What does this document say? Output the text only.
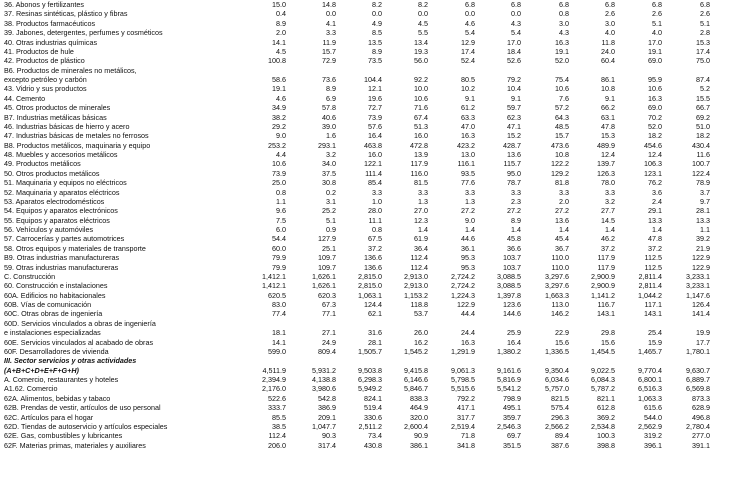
36. Abonos y fertilizantes	15.0	14.8	8.2	8.2	6.8	6.8	6.8	6.8	6.8	6.8
37. Resinas sintéticas, plástico y fibras	0.4	0.0	0.0	0.0	0.0	0.0	0.8	2.6	2.6	2.6
38. Productos farmacéuticos	8.9	4.1	4.9	4.5	4.6	4.3	3.0	3.0	5.1	5.1
39. Jabones, detergentes, perfumes y cosméticos	2.0	3.3	8.5	5.5	5.4	5.4	4.3	4.0	4.0	2.8
40. Otras industrias químicas	14.1	11.9	13.5	13.4	12.9	17.0	16.3	11.8	17.0	15.3
41. Productos de hule	4.5	15.7	8.9	19.3	17.4	18.4	19.1	24.0	19.1	17.4
42. Productos de plástico	100.8	72.9	73.5	56.0	52.4	52.6	52.0	60.4	69.0	75.0
B6. Productos de minerales no metálicos,
excepto petróleo y carbón	58.6	73.6	104.4	92.2	80.5	79.2	75.4	86.1	95.9	87.4
43. Vidrio y sus productos	19.1	8.9	12.1	10.0	10.2	10.4	10.6	10.8	10.6	5.2
44. Cemento	4.6	6.9	19.6	10.6	9.1	9.1	7.6	9.1	16.3	15.5
45. Otros productos de minerales	34.9	57.8	72.7	71.6	61.2	59.7	57.2	66.2	69.0	66.7
B7. Industrias metálicas básicas	38.2	40.6	73.9	67.4	63.3	62.3	64.3	63.1	70.2	69.2
46. Industrias básicas de hierro y acero	29.2	39.0	57.6	51.3	47.0	47.1	48.5	47.8	52.0	51.0
47. Industrias básicas de metales no ferrosos	9.0	1.6	16.4	16.0	16.3	15.2	15.7	15.3	18.2	18.2
B8. Productos metálicos, maquinaria y equipo	253.2	293.1	463.8	472.8	423.2	428.7	473.6	489.9	454.6	430.4
48. Muebles y accesorios metálicos	4.4	3.2	16.0	13.9	13.0	13.6	10.8	12.4	12.4	11.6
49. Productos metálicos	10.6	34.0	122.1	117.9	116.1	115.7	122.2	139.7	106.3	100.7
50. Otros productos metálicos	73.9	37.5	111.4	116.0	93.5	95.0	129.2	126.3	123.1	122.4
51. Maquinaria y equipos no eléctricos	25.0	30.8	85.4	81.5	77.6	78.7	81.8	78.0	76.2	78.9
52. Maquinaria y aparatos eléctricos	0.8	0.2	3.3	3.3	3.3	3.3	3.3	3.3	3.6	3.7
53. Aparatos electrodomésticos	1.1	3.1	1.0	1.3	1.3	2.3	2.0	3.2	2.4	9.7
54. Equipos y aparatos electrónicos	9.6	25.2	28.0	27.0	27.2	27.2	27.2	27.7	29.1	28.1
55. Equipos y aparatos eléctricos	7.5	5.1	11.1	12.3	9.0	8.9	13.6	14.5	13.3	13.3
56. Vehículos y automóviles	6.0	0.9	0.8	1.4	1.4	1.4	1.4	1.4	1.4	1.1
57. Carrocerías y partes automotrices	54.4	127.9	67.5	61.9	44.6	45.8	45.4	46.2	47.8	39.2
58. Otros equipos y materiales de transporte	60.0	25.1	37.2	36.4	36.1	36.6	36.7	37.2	37.2	21.9
B9. Otras industrias manufactureras	79.9	109.7	136.6	112.4	95.3	103.7	110.0	117.9	112.5	122.9
59. Otras industrias manufactureras	79.9	109.7	136.6	112.4	95.3	103.7	110.0	117.9	112.5	122.9
C. Construcción	1,412.1	1,626.1	2,815.0	2,913.0	2,724.2	3,088.5	3,297.6	2,900.9	2,811.4	3,233.1
60. Construcción e instalaciones	1,412.1	1,626.1	2,815.0	2,913.0	2,724.2	3,088.5	3,297.6	2,900.9	2,811.4	3,233.1
60A. Edificios no habitacionales	620.5	620.3	1,063.1	1,153.2	1,224.3	1,397.8	1,663.3	1,141.2	1,044.2	1,147.6
60B. Vías de comunicación	83.0	67.3	124.4	118.8	122.9	123.6	113.0	116.7	117.1	126.4
60C. Otras obras de ingeniería	77.4	77.1	62.1	53.7	44.4	144.6	146.2	143.1	143.1	141.4
60D. Servicios vinculados a obras de ingeniería
e instalaciones especializadas	18.1	27.1	31.6	26.0	24.4	25.9	22.9	29.8	25.4	19.9
60E. Servicios vinculados al acabado de obras	14.1	24.9	28.1	16.2	16.3	16.4	15.6	15.6	15.9	17.7
60F. Desarrolladores de vivienda	599.0	809.4	1,505.7	1,545.2	1,291.9	1,380.2	1,336.5	1,454.5	1,465.7	1,780.1
III. Sector servicios y otras actividades
(A+B+C+D+E+F+G+H)	4,511.9	5,931.2	9,503.8	9,415.8	9,061.3	9,161.6	9,350.4	9,022.5	9,770.4	9,630.7
A. Comercio, restaurantes y hoteles	2,394.9	4,138.8	6,298.3	6,146.6	5,798.5	5,816.9	6,034.6	6,084.3	6,800.1	6,889.7
A1.62. Comercio	2,176.0	3,980.6	5,949.2	5,846.7	5,515.6	5,541.2	5,757.0	5,787.2	6,516.3	6,569.8
62A. Alimentos, bebidas y tabaco	522.6	542.8	824.1	838.3	792.2	798.9	821.5	821.1	1,063.3	873.3
62B. Prendas de vestir, artículos de uso personal	333.7	386.9	519.4	464.9	417.1	495.1	575.4	612.8	615.6	628.9
62C. Artículos para el hogar	85.5	209.1	330.6	320.0	317.7	359.7	296.3	369.2	544.0	496.8
62D. Tiendas de autoservicio y artículos especiales	38.5	1,047.7	2,511.2	2,600.4	2,519.4	2,546.3	2,566.2	2,534.8	2,562.9	2,780.4
62E. Gas, combustibles y lubricantes	112.4	90.3	73.4	90.9	71.8	69.7	89.4	100.3	319.2	277.0
62F. Materias primas, materiales y auxiliares	206.0	317.4	430.8	386.1	341.8	351.5	387.6	398.8	396.1	391.1
